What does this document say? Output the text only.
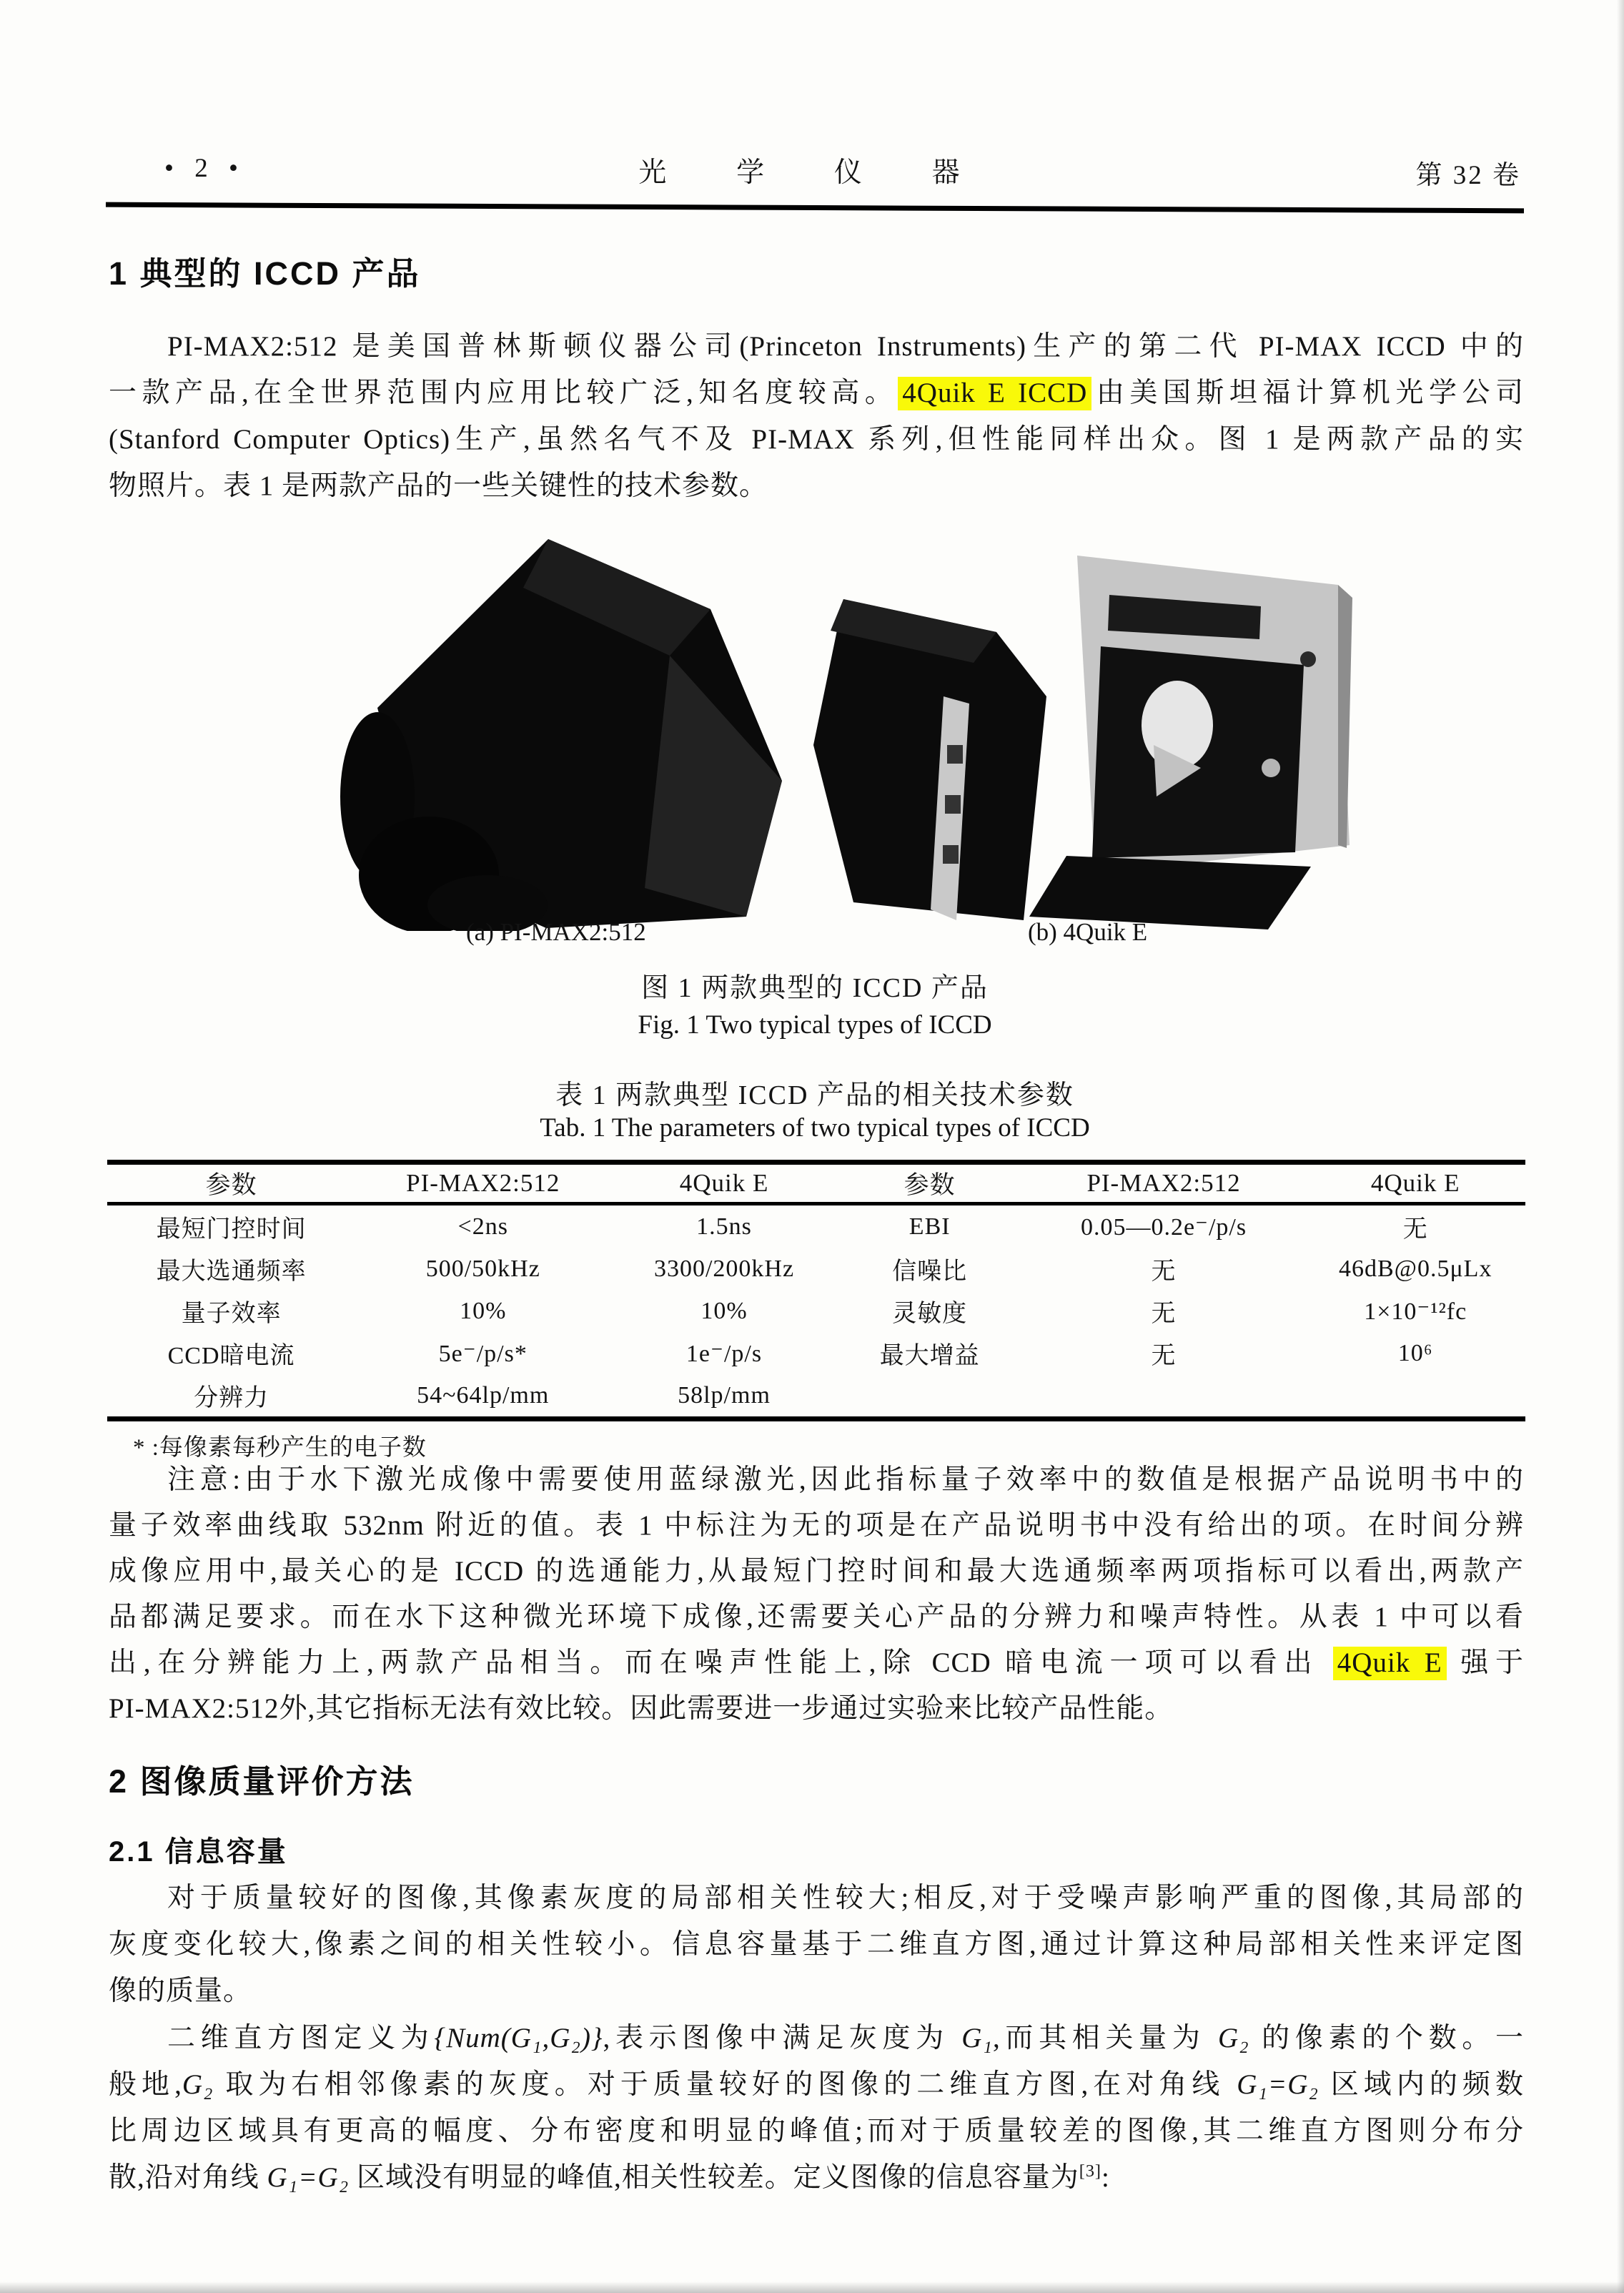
• 2 •	光 学 仪 器	第 32 卷
1 典型的 ICCD 产品
PI-MAX2:512 是美国普林斯顿仪器公司(Princeton Instruments)生产的第二代 PI-MAX ICCD 中的
一款产品,在全世界范围内应用比较广泛,知名度较高。 4Quik E ICCD 由美国斯坦福计算机光学公司
(Stanford Computer Optics)生产,虽然名气不及 PI-MAX 系列,但性能同样出众。图 1 是两款产品的实
物照片。表 1 是两款产品的一些关键性的技术参数。
(a) PI-MAX2:512	(b) 4Quik E
图 1 两款典型的 ICCD 产品
Fig. 1 Two typical types of ICCD
表 1 两款典型 ICCD 产品的相关技术参数
Tab. 1 The parameters of two typical types of ICCD
参数	PI-MAX2:512	4Quik E	参数	PI-MAX2:512	4Quik E
最短门控时间	<2ns	1.5ns	EBI	0.05—0.2e⁻/p/s	无
最大选通频率	500/50kHz	3300/200kHz	信噪比	无	46dB@0.5μLx
量子效率	10%	10%	灵敏度	无	1×10⁻¹²fc
CCD暗电流	5e⁻/p/s*	1e⁻/p/s	最大增益	无	10⁶
分辨力	54~64lp/mm	58lp/mm			
* :每像素每秒产生的电子数
注意:由于水下激光成像中需要使用蓝绿激光,因此指标量子效率中的数值是根据产品说明书中的
量子效率曲线取 532nm 附近的值。表 1 中标注为无的项是在产品说明书中没有给出的项。在时间分辨
成像应用中,最关心的是 ICCD 的选通能力,从最短门控时间和最大选通频率两项指标可以看出,两款产
品都满足要求。而在水下这种微光环境下成像,还需要关心产品的分辨力和噪声特性。从表 1 中可以看
出,在分辨能力上,两款产品相当。而在噪声性能上,除 CCD 暗电流一项可以看出 4Quik E 强于
PI-MAX2:512外,其它指标无法有效比较。因此需要进一步通过实验来比较产品性能。
2 图像质量评价方法
2.1 信息容量
对于质量较好的图像,其像素灰度的局部相关性较大;相反,对于受噪声影响严重的图像,其局部的
灰度变化较大,像素之间的相关性较小。信息容量基于二维直方图,通过计算这种局部相关性来评定图
像的质量。
二维直方图定义为{Num(G₁,G₂)},表示图像中满足灰度为 G₁,而其相关量为 G₂ 的像素的个数。一
般地,G₂ 取为右相邻像素的灰度。对于质量较好的图像的二维直方图,在对角线 G₁=G₂ 区域内的频数
比周边区域具有更高的幅度、分布密度和明显的峰值;而对于质量较差的图像,其二维直方图则分布分
散,沿对角线 G₁=G₂ 区域没有明显的峰值,相关性较差。定义图像的信息容量为[3]:
